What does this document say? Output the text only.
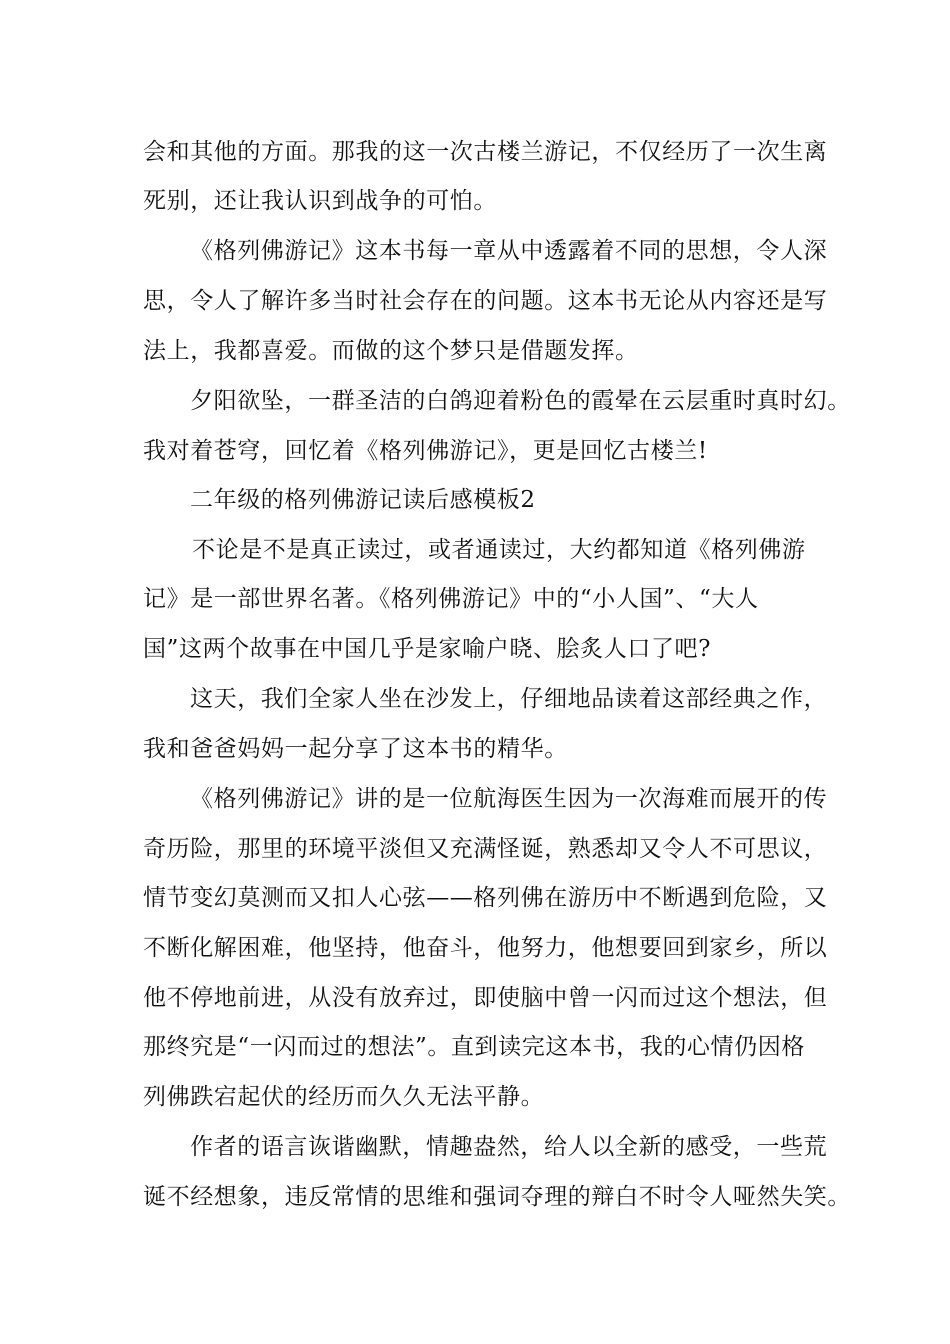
会和其他的方面。那我的这一次古楼兰游记，不仅经历了一次生离
死别，还让我认识到战争的可怕。
《格列佛游记》这本书每一章从中透露着不同的思想，令人深
思，令人了解许多当时社会存在的问题。这本书无论从内容还是写
法上，我都喜爱。而做的这个梦只是借题发挥。
夕阳欲坠，一群圣洁的白鸽迎着粉色的霞晕在云层重时真时幻。
我对着苍穹，回忆着《格列佛游记》，更是回忆古楼兰!
二年级的格列佛游记读后感模板2
不论是不是真正读过，或者通读过，大约都知道《格列佛游
记》是一部世界名著。《格列佛游记》中的“小人国”、“大人
国”这两个故事在中国几乎是家喻户晓、脍炙人口了吧?
这天，我们全家人坐在沙发上，仔细地品读着这部经典之作，
我和爸爸妈妈一起分享了这本书的精华。
《格列佛游记》讲的是一位航海医生因为一次海难而展开的传
奇历险，那里的环境平淡但又充满怪诞，熟悉却又令人不可思议，
情节变幻莫测而又扣人心弦——格列佛在游历中不断遇到危险，又
不断化解困难，他坚持，他奋斗，他努力，他想要回到家乡，所以
他不停地前进，从没有放弃过，即使脑中曾一闪而过这个想法，但
那终究是“一闪而过的想法”。直到读完这本书，我的心情仍因格
列佛跌宕起伏的经历而久久无法平静。
作者的语言诙谐幽默，情趣盎然，给人以全新的感受，一些荒
诞不经想象，违反常情的思维和强词夺理的辩白不时令人哑然失笑。
